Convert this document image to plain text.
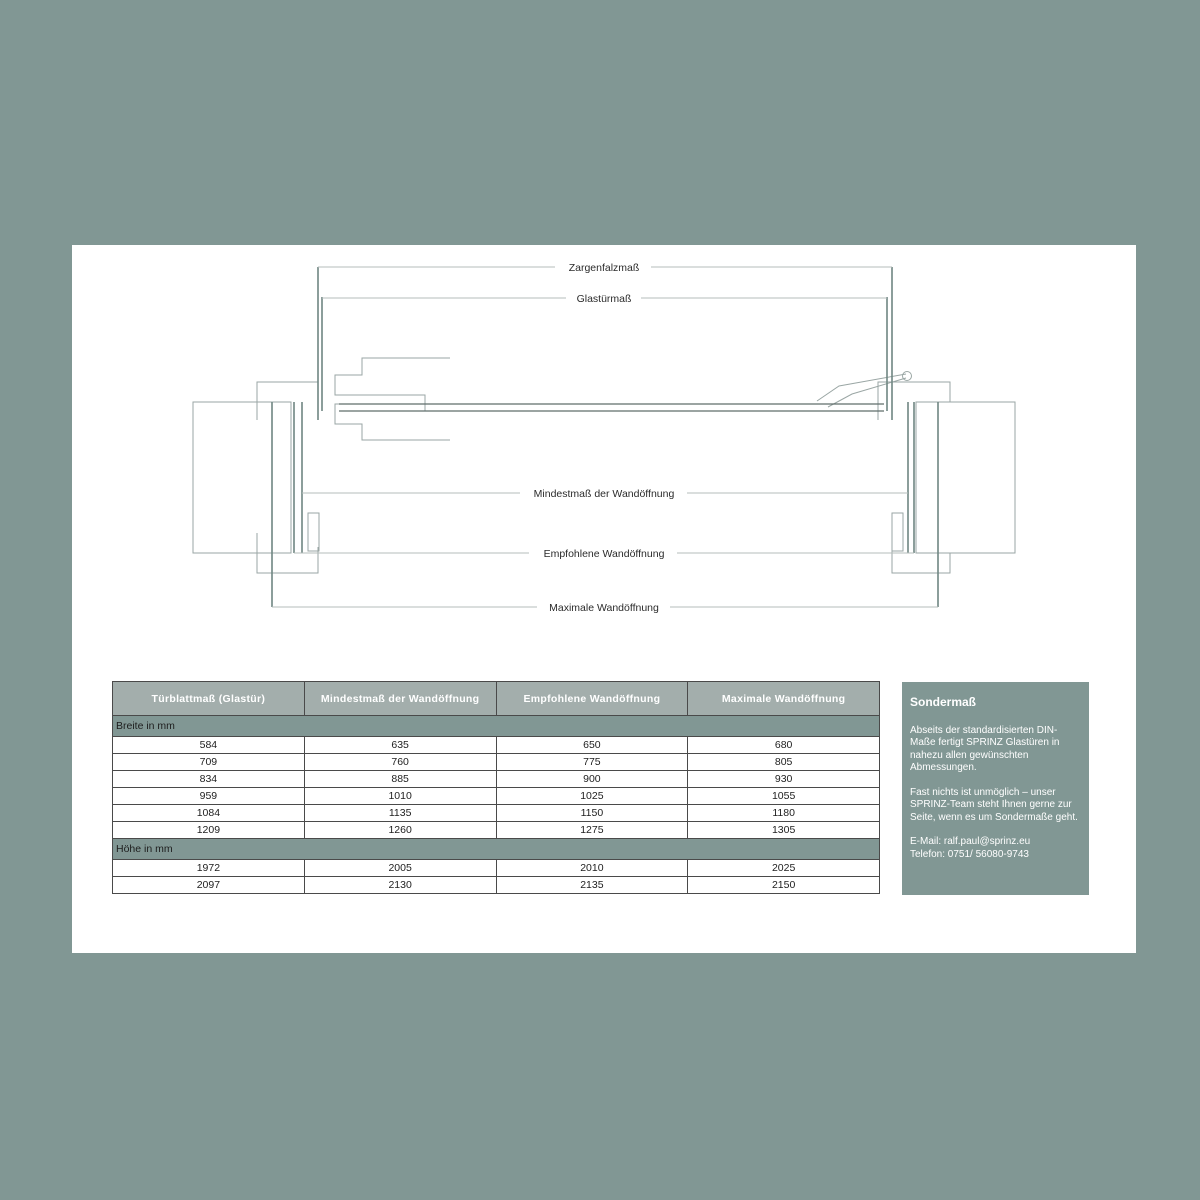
Zargenfalzmaß
Glastürmaß
Mindestmaß der Wandöffnung
Empfohlene Wandöffnung
Maximale Wandöffnung
Türblattmaß (Glastür)	Mindestmaß der Wandöffnung	Empfohlene Wandöffnung	Maximale Wandöffnung
Breite in mm			
584	635	650	680
709	760	775	805
834	885	900	930
959	1010	1025	1055
1084	1135	1150	1180
1209	1260	1275	1305
Höhe in mm			
1972	2005	2010	2025
2097	2130	2135	2150
Sondermaß

Abseits der standardisierten DIN-Maße fertigt SPRINZ Glastüren in nahezu allen gewünschten Abmessungen.

Fast nichts ist unmöglich – unser SPRINZ-Team steht Ihnen gerne zur Seite, wenn es um Sondermaße geht.

E-Mail: ralf.paul@sprinz.eu
Telefon: 0751/ 56080-9743
